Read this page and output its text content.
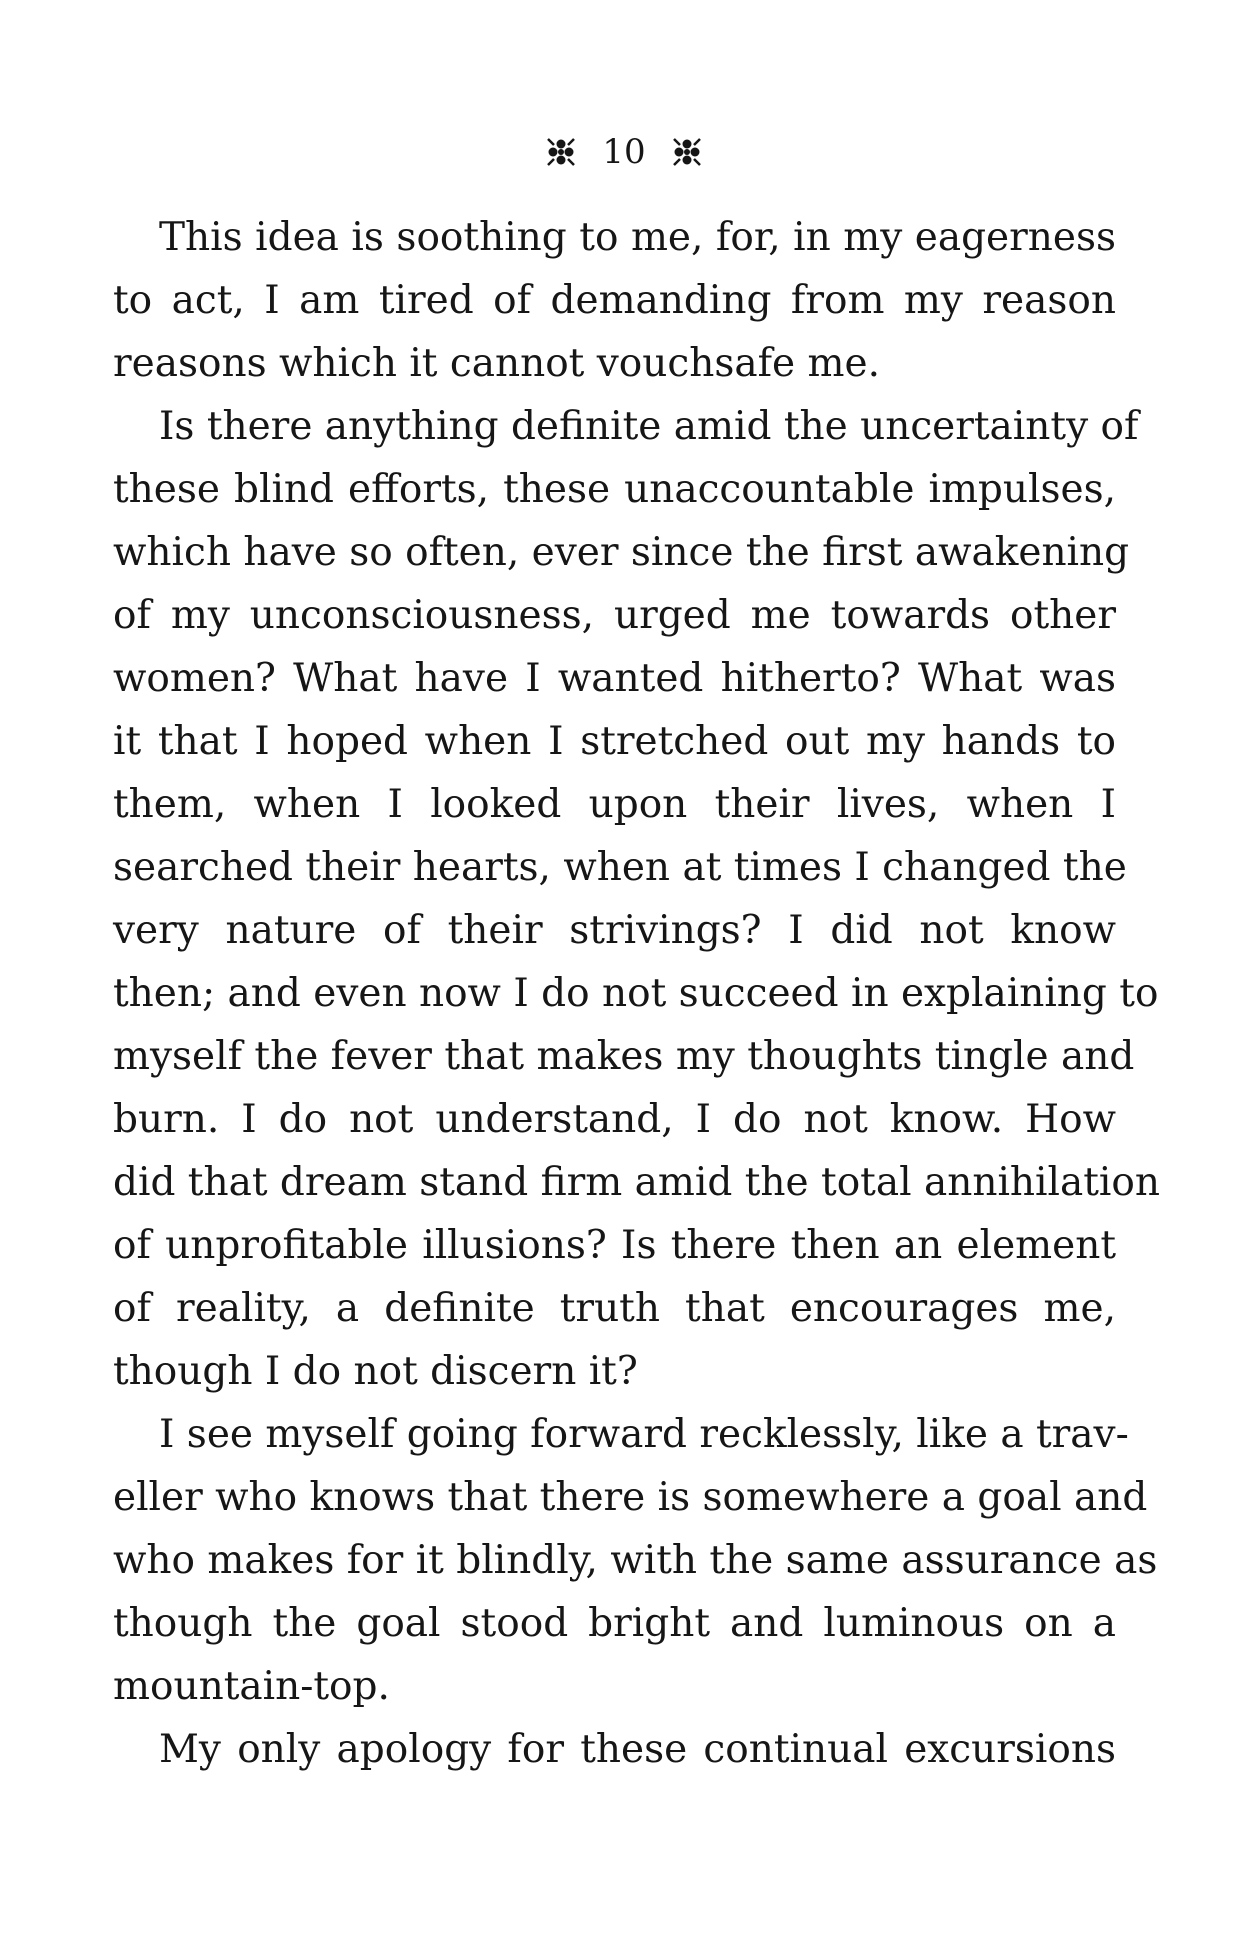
10

This idea is soothing to me, for, in my eagerness
to act, I am tired of demanding from my reason
reasons which it cannot vouchsafe me.

Is there anything definite amid the uncertainty of
these blind efforts, these unaccountable impulses,
which have so often, ever since the first awakening
of my unconsciousness, urged me towards other
women? What have I wanted hitherto? What was
it that I hoped when I stretched out my hands to
them, when I looked upon their lives, when I
searched their hearts, when at times I changed the
very nature of their strivings? I did not know
then; and even now I do not succeed in explaining to
myself the fever that makes my thoughts tingle and
burn. I do not understand, I do not know. How
did that dream stand firm amid the total annihilation
of unprofitable illusions? Is there then an element
of reality, a definite truth that encourages me,
though I do not discern it?

I see myself going forward recklessly, like a trav-
eller who knows that there is somewhere a goal and
who makes for it blindly, with the same assurance as
though the goal stood bright and luminous on a
mountain-top.

My only apology for these continual excursions
